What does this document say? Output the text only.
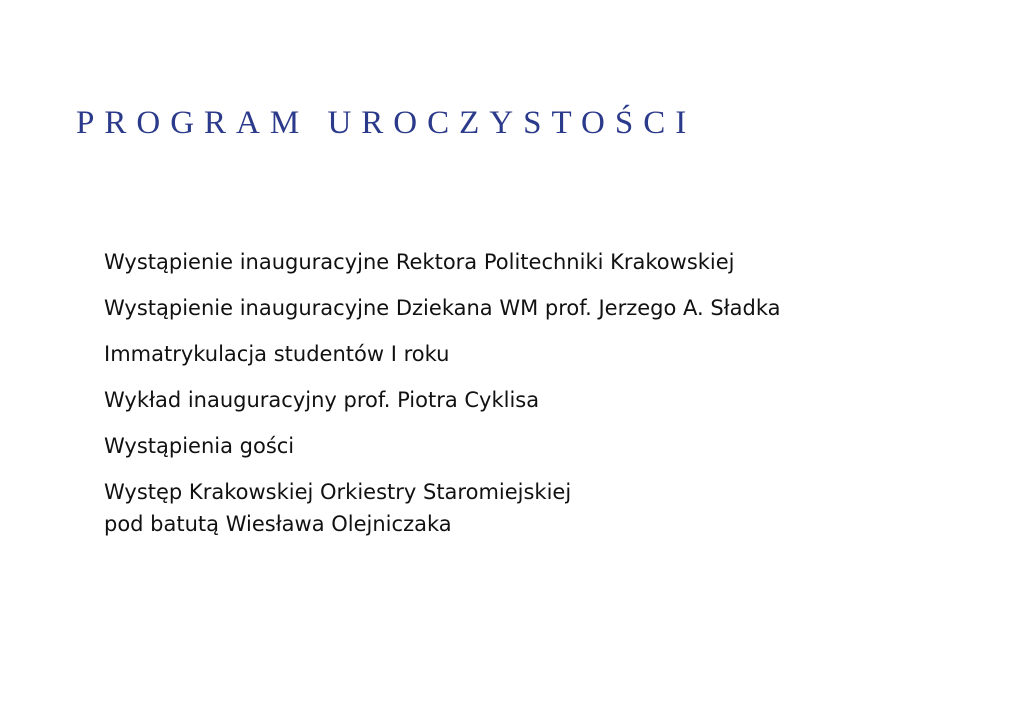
PROGRAM UROCZYSTOŚCI
Wystąpienie inauguracyjne Rektora Politechniki Krakowskiej
Wystąpienie inauguracyjne Dziekana WM prof. Jerzego A. Sładka
Immatrykulacja studentów I roku
Wykład inauguracyjny prof. Piotra Cyklisa
Wystąpienia gości
Występ Krakowskiej Orkiestry Staromiejskiej
pod batutą Wiesława Olejniczaka
